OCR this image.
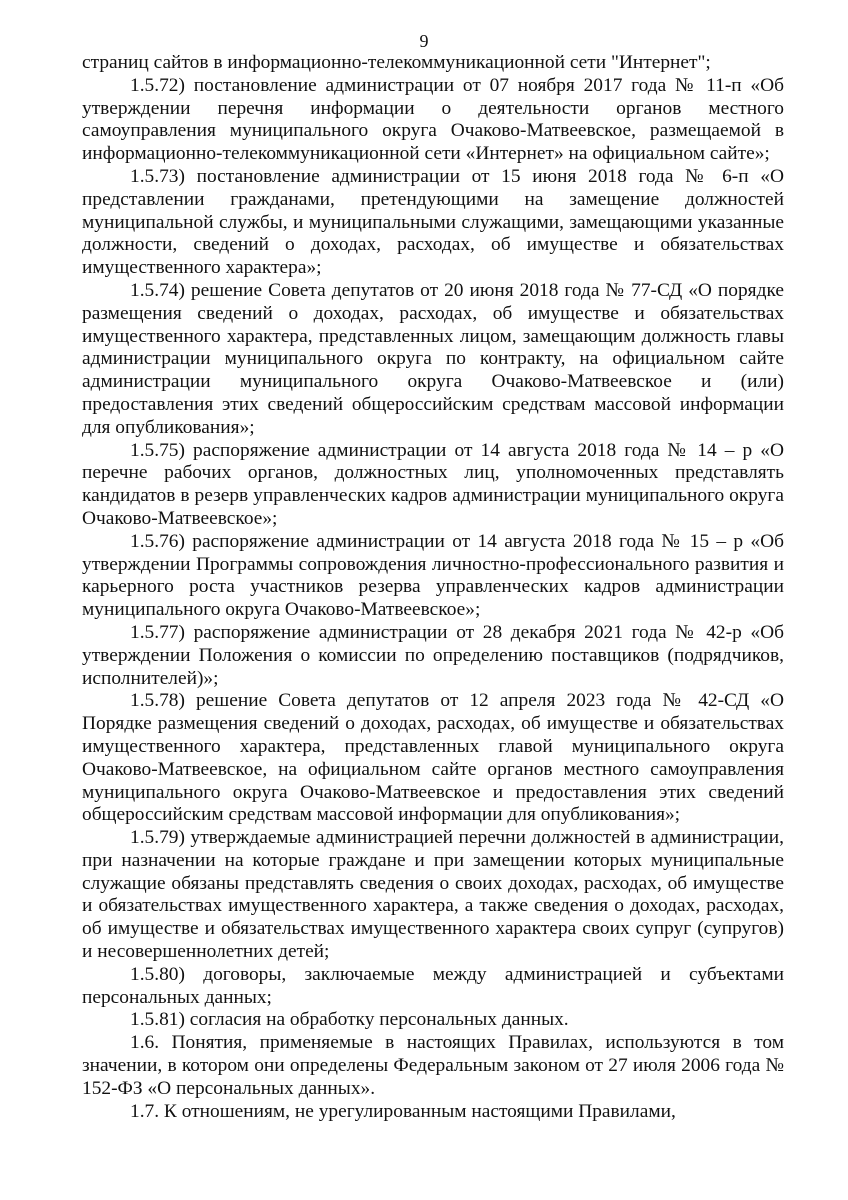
9

страниц сайтов в информационно-телекоммуникационной сети "Интернет";

1.5.72) постановление администрации от 07 ноября 2017 года № 11-п «Об утверждении перечня информации о деятельности органов местного самоуправления муниципального округа Очаково-Матвеевское, размещаемой в информационно-телекоммуникационной сети «Интернет» на официальном сайте»;

1.5.73) постановление администрации от 15 июня 2018 года № 6-п «О представлении гражданами, претендующими на замещение должностей муниципальной службы, и муниципальными служащими, замещающими указанные должности, сведений о доходах, расходах, об имуществе и обязательствах имущественного характера»;

1.5.74) решение Совета депутатов от 20 июня 2018 года № 77-СД «О порядке размещения сведений о доходах, расходах, об имуществе и обязательствах имущественного характера, представленных лицом, замещающим должность главы администрации муниципального округа по контракту, на официальном сайте администрации муниципального округа Очаково-Матвеевское и (или) предоставления этих сведений общероссийским средствам массовой информации для опубликования»;

1.5.75) распоряжение администрации от 14 августа 2018 года № 14 – р «О перечне рабочих органов, должностных лиц, уполномоченных представлять кандидатов в резерв управленческих кадров администрации муниципального округа Очаково-Матвеевское»;

1.5.76) распоряжение администрации от 14 августа 2018 года № 15 – р «Об утверждении Программы сопровождения личностно-профессионального развития и карьерного роста участников резерва управленческих кадров администрации муниципального округа Очаково-Матвеевское»;

1.5.77) распоряжение администрации от 28 декабря 2021 года № 42-р «Об утверждении Положения о комиссии по определению поставщиков (подрядчиков, исполнителей)»;

1.5.78) решение Совета депутатов от 12 апреля 2023 года № 42-СД «О Порядке размещения сведений о доходах, расходах, об имуществе и обязательствах имущественного характера, представленных главой муниципального округа Очаково-Матвеевское, на официальном сайте органов местного самоуправления муниципального округа Очаково-Матвеевское и предоставления этих сведений общероссийским средствам массовой информации для опубликования»;

1.5.79) утверждаемые администрацией перечни должностей в администрации, при назначении на которые граждане и при замещении которых муниципальные служащие обязаны представлять сведения о своих доходах, расходах, об имуществе и обязательствах имущественного характера, а также сведения о доходах, расходах, об имуществе и обязательствах имущественного характера своих супруг (супругов) и несовершеннолетних детей;

1.5.80) договоры, заключаемые между администрацией и субъектами персональных данных;

1.5.81) согласия на обработку персональных данных.

1.6. Понятия, применяемые в настоящих Правилах, используются в том значении, в котором они определены Федеральным законом от 27 июля 2006 года № 152-ФЗ «О персональных данных».

1.7. К отношениям, не урегулированным настоящими Правилами,
